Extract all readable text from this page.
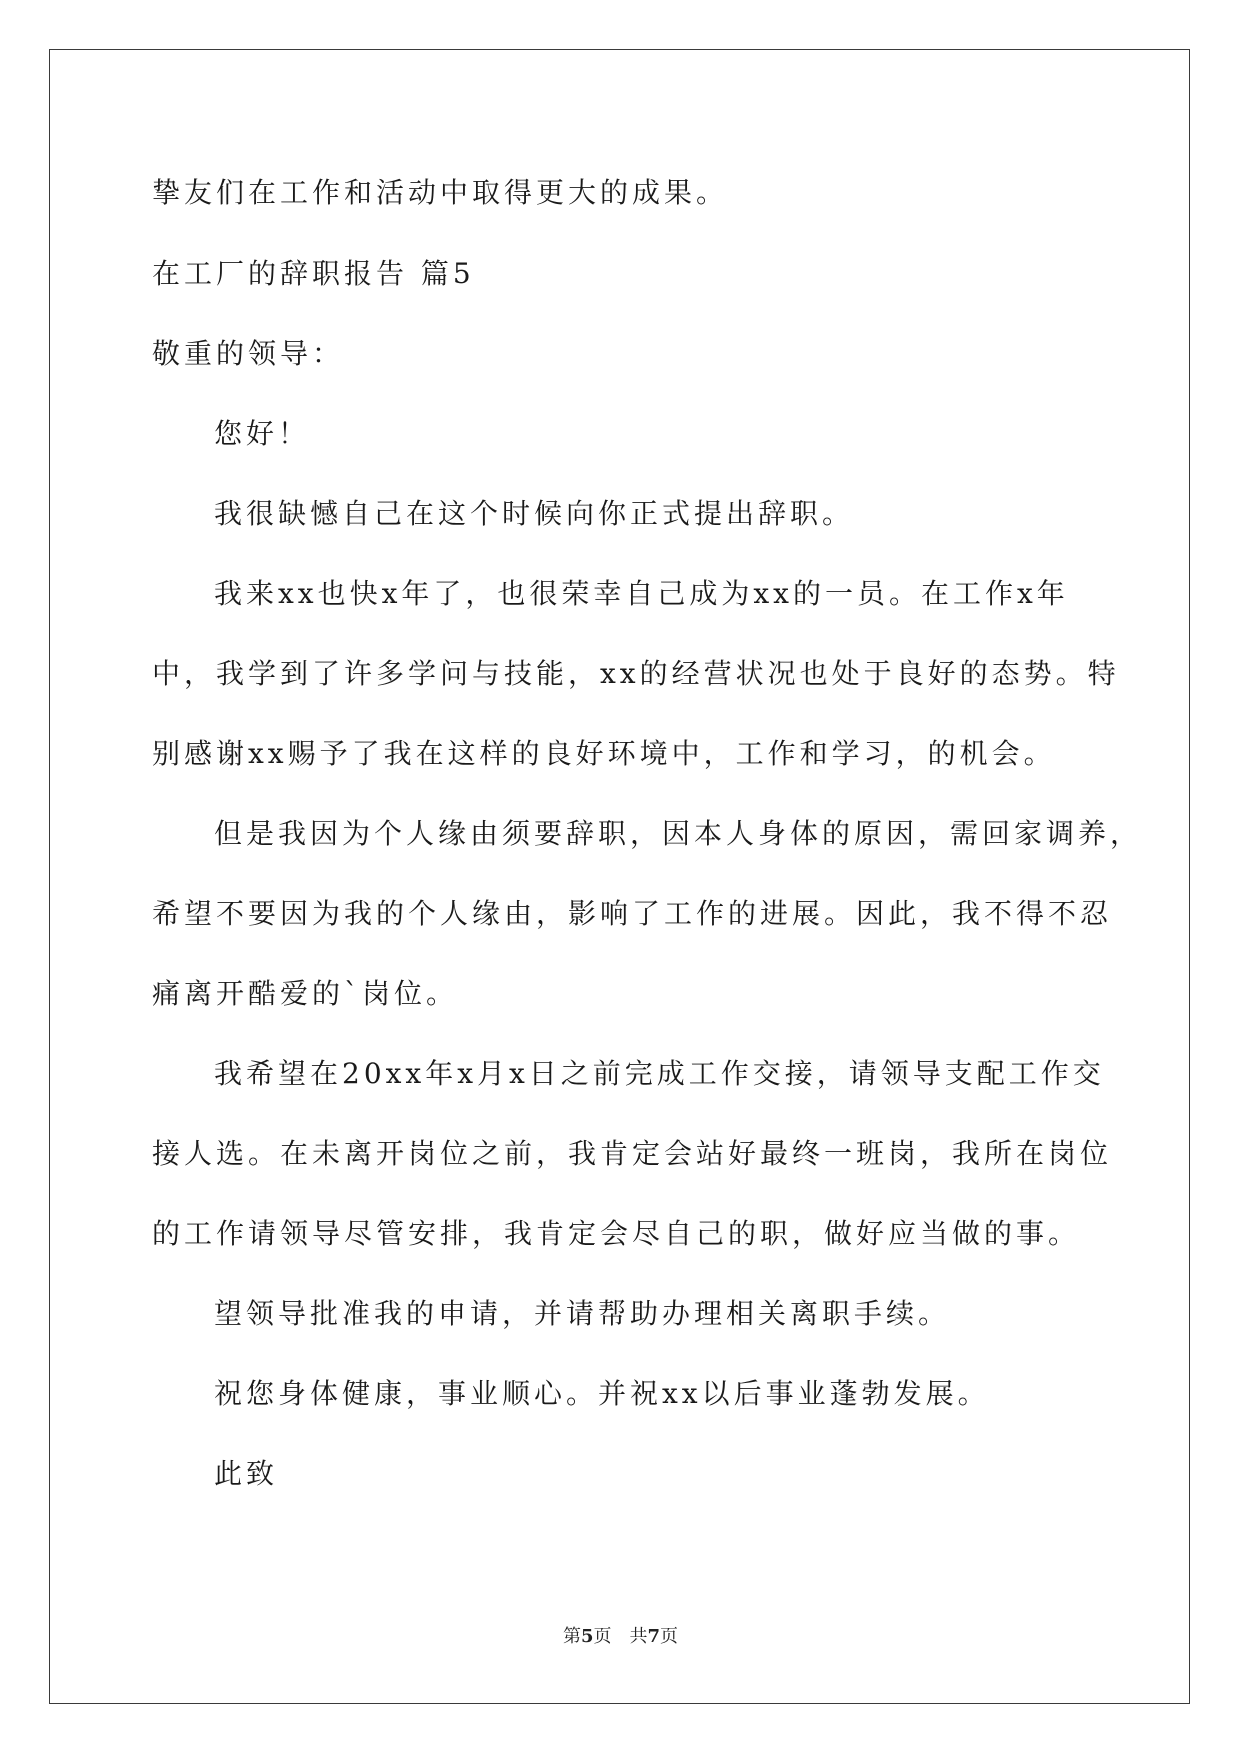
挚友们在工作和活动中取得更大的成果。
在工厂的辞职报告 篇5
敬重的领导：
您好！
我很缺憾自己在这个时候向你正式提出辞职。
我来xx也快x年了，也很荣幸自己成为xx的一员。在工作x年
中，我学到了许多学问与技能，xx的经营状况也处于良好的态势。特
别感谢xx赐予了我在这样的良好环境中，工作和学习，的机会。
但是我因为个人缘由须要辞职，因本人身体的原因，需回家调养，
希望不要因为我的个人缘由，影响了工作的进展。因此，我不得不忍
痛离开酷爱的`岗位。
我希望在20xx年x月x日之前完成工作交接，请领导支配工作交
接人选。在未离开岗位之前，我肯定会站好最终一班岗，我所在岗位
的工作请领导尽管安排，我肯定会尽自己的职，做好应当做的事。
望领导批准我的申请，并请帮助办理相关离职手续。
祝您身体健康，事业顺心。并祝xx以后事业蓬勃发展。
此致
第5页　共7页
